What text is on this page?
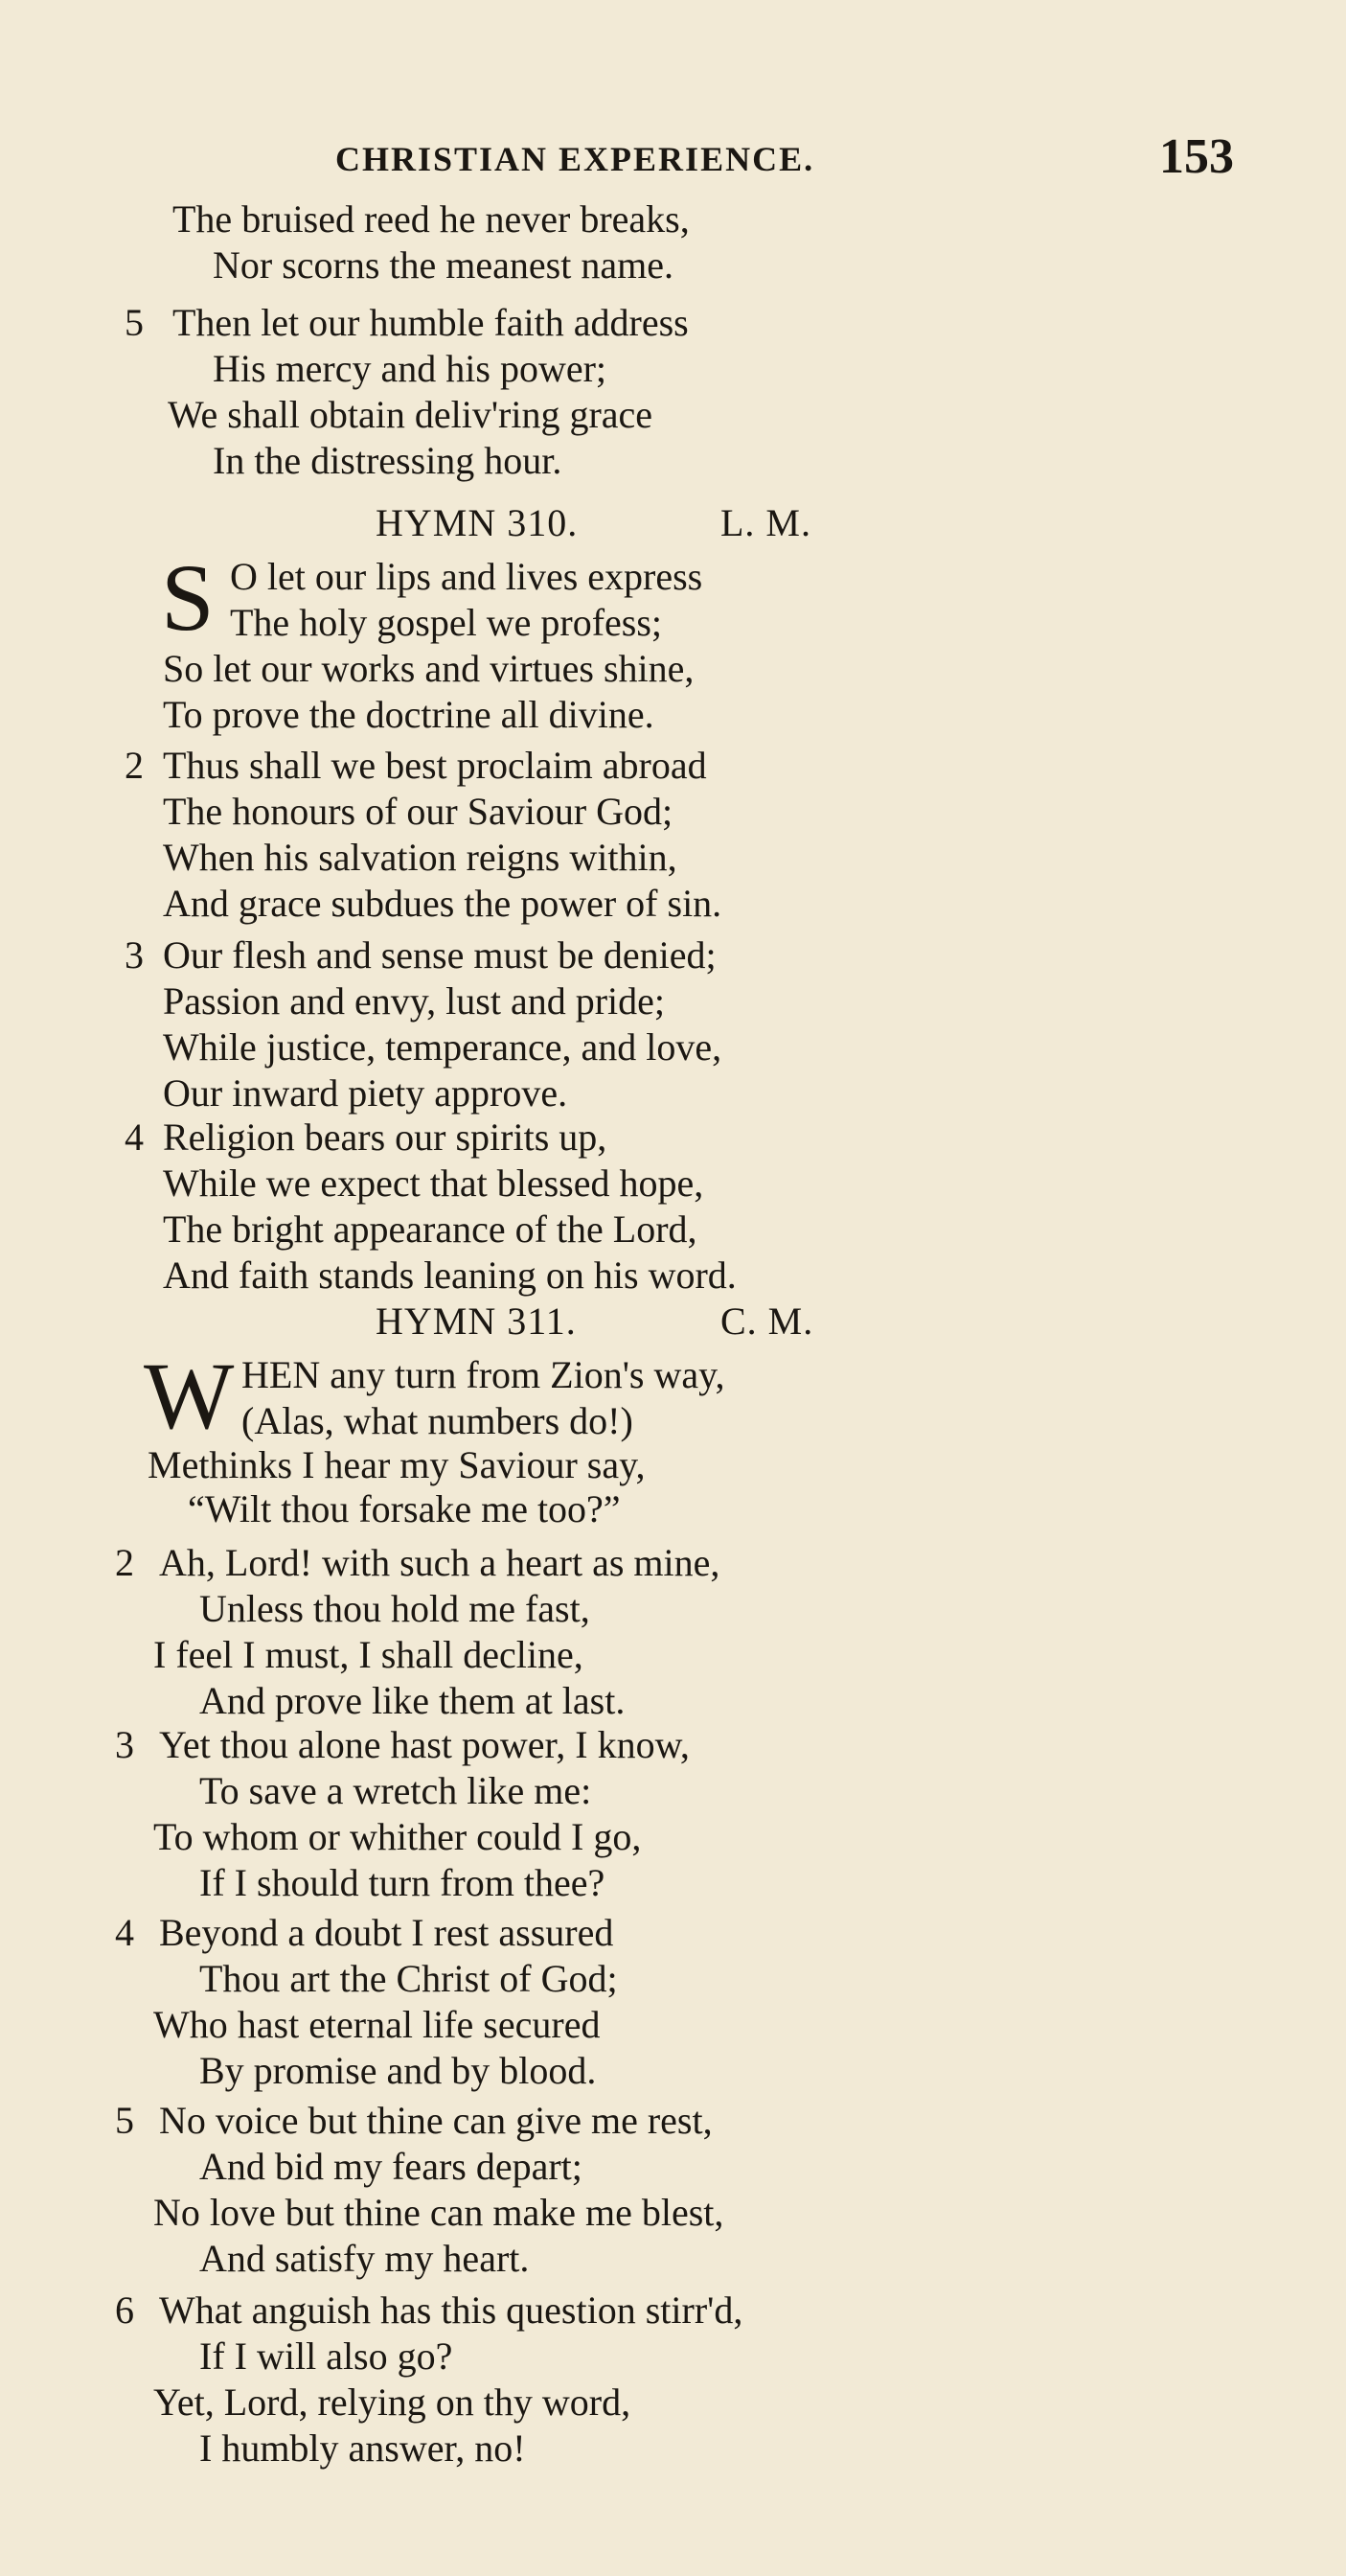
CHRISTIAN EXPERIENCE.	153
The bruised reed he never breaks,
Nor scorns the meanest name.
5 Then let our humble faith address
His mercy and his power;
We shall obtain deliv'ring grace
In the distressing hour.
HYMN 310.	L. M.
S O let our lips and lives express
The holy gospel we profess;
So let our works and virtues shine,
To prove the doctrine all divine.
2 Thus shall we best proclaim abroad
The honours of our Saviour God;
When his salvation reigns within,
And grace subdues the power of sin.
3 Our flesh and sense must be denied;
Passion and envy, lust and pride;
While justice, temperance, and love,
Our inward piety approve.
4 Religion bears our spirits up,
While we expect that blessed hope,
The bright appearance of the Lord,
And faith stands leaning on his word.
HYMN 311.	C. M.
W HEN any turn from Zion's way,
(Alas, what numbers do!)
Methinks I hear my Saviour say,
“Wilt thou forsake me too?”
2 Ah, Lord! with such a heart as mine,
Unless thou hold me fast,
I feel I must, I shall decline,
And prove like them at last.
3 Yet thou alone hast power, I know,
To save a wretch like me:
To whom or whither could I go,
If I should turn from thee?
4 Beyond a doubt I rest assured
Thou art the Christ of God;
Who hast eternal life secured
By promise and by blood.
5 No voice but thine can give me rest,
And bid my fears depart;
No love but thine can make me blest,
And satisfy my heart.
6 What anguish has this question stirr'd,
If I will also go?
Yet, Lord, relying on thy word,
I humbly answer, no!
